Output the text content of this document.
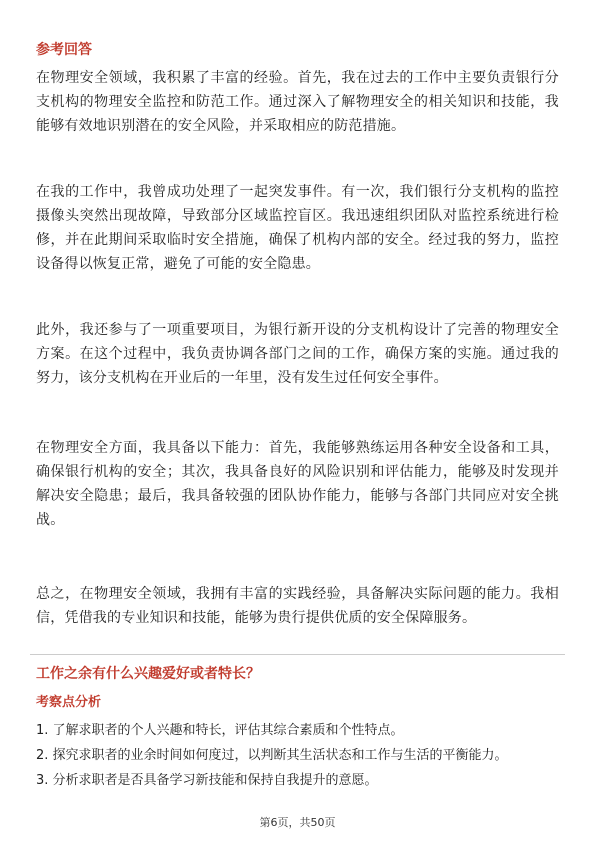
参考回答

在物理安全领域，我积累了丰富的经验。首先，我在过去的工作中主要负责银行分支机构的物理安全监控和防范工作。通过深入了解物理安全的相关知识和技能，我能够有效地识别潜在的安全风险，并采取相应的防范措施。

在我的工作中，我曾成功处理了一起突发事件。有一次，我们银行分支机构的监控摄像头突然出现故障，导致部分区域监控盲区。我迅速组织团队对监控系统进行检修，并在此期间采取临时安全措施，确保了机构内部的安全。经过我的努力，监控设备得以恢复正常，避免了可能的安全隐患。

此外，我还参与了一项重要项目，为银行新开设的分支机构设计了完善的物理安全方案。在这个过程中，我负责协调各部门之间的工作，确保方案的实施。通过我的努力，该分支机构在开业后的一年里，没有发生过任何安全事件。

在物理安全方面，我具备以下能力：首先，我能够熟练运用各种安全设备和工具，确保银行机构的安全；其次，我具备良好的风险识别和评估能力，能够及时发现并解决安全隐患；最后，我具备较强的团队协作能力，能够与各部门共同应对安全挑战。

总之，在物理安全领域，我拥有丰富的实践经验，具备解决实际问题的能力。我相信，凭借我的专业知识和技能，能够为贵行提供优质的安全保障服务。

工作之余有什么兴趣爱好或者特长？
考察点分析
1. 了解求职者的个人兴趣和特长，评估其综合素质和个性特点。
2. 探究求职者的业余时间如何度过，以判断其生活状态和工作与生活的平衡能力。
3. 分析求职者是否具备学习新技能和保持自我提升的意愿。
第6页，共50页
